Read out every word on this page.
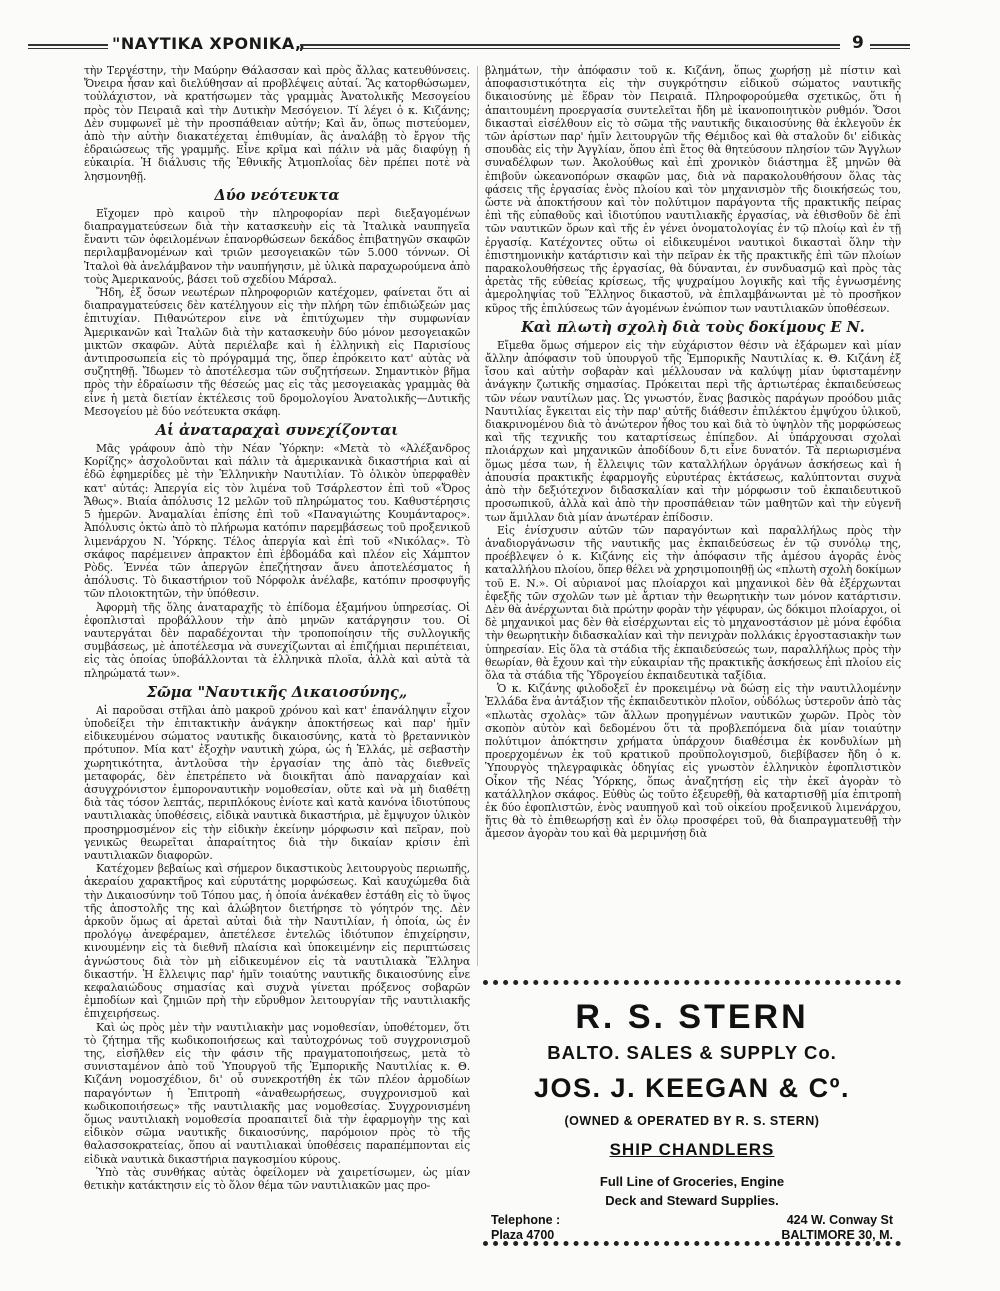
"ΝΑΥΤΙΚΑ ΧΡΟΝΙΚΑ„	9

τὴν Τεργέστην, τὴν Μαύρην Θάλασσαν καὶ πρὸς ἄλλας κατευθύνσεις. Ὄνειρα ἦσαν καὶ διελύθησαν αἱ προβλέψεις αὐταί. Ἂς κατορθώσωμεν, τοὐλάχιστον, νὰ κρατήσωμεν τὰς γραμμὰς Ἀνατολικῆς Μεσογείου πρὸς τὸν Πειραιᾶ καὶ τὴν Δυτικὴν Μεσόγειον. Τί λέγει ὁ κ. Κιζάνης; Δὲν συμφωνεῖ μὲ τὴν προσπάθειαν αὐτήν; Καὶ ἄν, ὅπως πιστεύομεν, ἀπὸ τὴν αὐτὴν διακατέχεται ἐπιθυμίαν, ἂς ἀναλάβῃ τὸ ἔργον τῆς ἐδραιώσεως τῆς γραμμῆς. Εἶνε κρῖμα καὶ πάλιν νὰ μᾶς διαφύγῃ ἡ εὐκαιρία. Ἡ διάλυσις τῆς Ἐθνικῆς Ἀτμοπλοΐας δὲν πρέπει ποτὲ νὰ λησμονηθῇ.

Δύο νεότευκτα

Εἴχομεν πρὸ καιροῦ τὴν πληροφορίαν περὶ διεξαγομένων διαπραγματεύσεων διὰ τὴν κατασκευὴν εἰς τὰ Ἰταλικὰ ναυπηγεῖα ἔναντι τῶν ὀφειλομένων ἐπανορθώσεων δεκάδος ἐπιβατηγῶν σκαφῶν περιλαμβανομένων καὶ τριῶν μεσογειακῶν τῶν 5.000 τόννων. Οἱ Ἰταλοὶ θὰ ἀνελάμβανον τὴν ναυπήγησιν, μὲ ὑλικὰ παραχωρούμενα ἀπὸ τοὺς Ἀμερικανούς, βάσει τοῦ σχεδίου Μάρσαλ.

Ἤδη, ἐξ ὅσων νεωτέρων πληροφοριῶν κατέχομεν, φαίνεται ὅτι αἱ διαπραγματεύσεις δὲν κατέληγουν εἰς τὴν πλήρη τῶν ἐπιδιώξεών μας ἐπιτυχίαν. Πιθανώτερον εἶνε νὰ ἐπιτύχωμεν τὴν συμφωνίαν Ἀμερικανῶν καὶ Ἰταλῶν διὰ τὴν κατασκευὴν δύο μόνον μεσογειακῶν μικτῶν σκαφῶν. Αὐτὰ περιέλαβε καὶ ἡ ἑλληνικὴ εἰς Παρισίους ἀντιπροσωπεία εἰς τὸ πρόγραμμά της, ὅπερ ἐπρόκειτο κατ' αὐτὰς νὰ συζητηθῇ. Ἴδωμεν τὸ ἀποτέλεσμα τῶν συζητήσεων. Σημαντικὸν βῆμα πρὸς τὴν ἐδραίωσιν τῆς θέσεώς μας εἰς τὰς μεσογειακὰς γραμμὰς θὰ εἶνε ἡ μετὰ διετίαν ἐκτέλεσις τοῦ δρομολογίου Ἀνατολικῆς—Δυτικῆς Μεσογείου μὲ δύο νεότευκτα σκάφη.

Αἱ ἀναταραχαὶ συνεχίζονται

Μᾶς γράφουν ἀπὸ τὴν Νέαν Ὑόρκην: «Μετὰ τὸ «Ἀλέξανδρος Κορίζης» ἀσχολοῦνται καὶ πάλιν τὰ ἀμερικανικὰ δικαστήρια καὶ αἱ ἐδῶ ἐφημερίδες μὲ τὴν Ἑλληνικὴν Ναυτιλίαν. Τὸ ὁλικὸν ὑπερφαθὲν κατ' αὐτάς: Ἀπεργία εἰς τὸν λιμένα τοῦ Τσάρλεστον ἐπὶ τοῦ «Ὄρος Ἄθως». Βιαία ἀπόλυσις 12 μελῶν τοῦ πληρώματος του. Καθυστέρησις 5 ἡμερῶν. Ἀναμαλίαι ἐπίσης ἐπὶ τοῦ «Παναγιώτης Κουμάνταρος». Ἀπόλυσις ὀκτὼ ἀπὸ τὸ πλήρωμα κατόπιν παρεμβάσεως τοῦ προξενικοῦ λιμενάρχου Ν. Ὑόρκης. Τέλος ἀπεργία καὶ ἐπὶ τοῦ «Νικόλας». Τὸ σκάφος παρέμεινεν ἀπρακτον ἐπὶ ἑβδομάδα καὶ πλέον εἰς Χάμπτον Ρὸδς. Ἐννέα τῶν ἀπεργῶν ἐπεζήτησαν ἄνευ ἀποτελέσματος ἡ ἀπόλυσις. Τὸ δικαστήριον τοῦ Νόρφολκ ἀνέλαβε, κατόπιν προσφυγῆς τῶν πλοιοκτητῶν, τὴν ὑπόθεσιν.

Ἀφορμὴ τῆς ὅλης ἀναταραχῆς τὸ ἐπίδομα ἑξαμήνου ὑπηρεσίας. Οἱ ἐφοπλισταὶ προβάλλουν τὴν ἀπὸ μηνῶν κατάργησιν του. Οἱ ναυτεργάται δὲν παραδέχονται τὴν τροποποίησιν τῆς συλλογικῆς συμβάσεως, μὲ ἀποτέλεσμα νὰ συνεχίζωνται αἱ ἐπιζήμιαι περιπέτειαι, εἰς τὰς ὁποίας ὑποβάλλονται τὰ ἑλληνικὰ πλοῖα, ἀλλὰ καὶ αὐτὰ τὰ πληρώματά των».

Σῶμα "Ναυτικῆς Δικαιοσύνης„

Αἱ παροῦσαι στῆλαι ἀπὸ μακροῦ χρόνου καὶ κατ' ἐπανάληψιν εἶχον ὑποδείξει τὴν ἐπιτακτικὴν ἀνάγκην ἀποκτήσεως καὶ παρ' ἡμῖν εἰδικευμένου σώματος ναυτικῆς δικαιοσύνης, κατὰ τὸ βρεταννικὸν πρότυπον. Μία κατ' ἐξοχὴν ναυτικὴ χώρα, ὡς ἡ Ἑλλάς, μὲ σεβαστὴν χωρητικότητα, ἀντλοῦσα τὴν ἐργασίαν της ἀπὸ τὰς διεθνεῖς μεταφοράς, δὲν ἐπετρέπετο νὰ διοικῆται ἀπὸ παναρχαίαν καὶ ἀσυγχρόνιστον ἐμποροναυτικὴν νομοθεσίαν, οὔτε καὶ νὰ μὴ διαθέτῃ διὰ τὰς τόσον λεπτάς, περιπλόκους ἐνίοτε καὶ κατὰ κανόνα ἰδιοτύπους ναυτιλιακὰς ὑποθέσεις, εἰδικὰ ναυτικὰ δικαστήρια, μὲ ἔμψυχον ὑλικὸν προσηρμοσμένον εἰς τὴν εἰδικὴν ἐκείνην μόρφωσιν καὶ πεῖραν, ποὺ γενικῶς θεωρεῖται ἀπαραίτητος διὰ τὴν δικαίαν κρίσιν ἐπὶ ναυτιλιακῶν διαφορῶν.

Κατέχομεν βεβαίως καὶ σήμερον δικαστικοὺς λειτουργοὺς περιωπῆς, ἀκεραίου χαρακτῆρος καὶ εὐρυτάτης μορφώσεως. Καὶ καυχώμεθα διὰ τὴν Δικαιοσύνην τοῦ Τόπου μας, ἡ ὁποία ἀνέκαθεν ἐστάθη εἰς τὸ ὕψος τῆς ἀποστολῆς της καὶ ἀλώβητον διετήρησε τὸ γόητρόν της. Δὲν ἀρκοῦν ὅμως αἱ ἀρεταὶ αὐταὶ διὰ τὴν Ναυτιλίαν, ἡ ὁποία, ὡς ἐν προλόγῳ ἀνεφέραμεν, ἀπετέλεσε ἐντελῶς ἰδιότυπον ἐπιχείρησιν, κινουμένην εἰς τὰ διεθνῆ πλαίσια καὶ ὑποκειμένην εἰς περιπτώσεις ἀγνώστους διὰ τὸν μὴ εἰδικευμένον εἰς τὰ ναυτιλιακὰ Ἕλληνα δικαστήν. Ἡ ἔλλειψις παρ' ἡμῖν τοιαύτης ναυτικῆς δικαιοσύνης εἶνε κεφαλαιώδους σημασίας καὶ συχνὰ γίνεται πρόξενος σοβαρῶν ἐμποδίων καὶ ζημιῶν πρὴ τὴν εὔρυθμον λειτουργίαν τῆς ναυτιλιακῆς ἐπιχειρήσεως.

Καὶ ὡς πρὸς μὲν τὴν ναυτιλιακὴν μας νομοθεσίαν, ὑποθέτομεν, ὅτι τὸ ζήτημα τῆς κωδικοποιήσεως καὶ ταὐτοχρόνως τοῦ συγχρονισμοῦ της, εἰσῆλθεν εἰς τὴν φάσιν τῆς πραγματοποιήσεως, μετὰ τὸ συνισταμένον ἀπὸ τοῦ Ὑπουργοῦ τῆς Ἐμπορικῆς Ναυτιλίας κ. Θ. Κιζάνη νομοσχέδιον, δι' οὗ συνεκροτήθη ἐκ τῶν πλέον ἁρμοδίων παραγόντων ἡ Ἐπιτροπὴ «ἀναθεωρήσεως, συγχρονισμοῦ καὶ κωδικοποιήσεως» τῆς ναυτιλιακῆς μας νομοθεσίας. Συγχρονισμένη ὅμως ναυτιλιακὴ νομοθεσία προαπαιτεῖ διὰ τὴν ἐφαρμογὴν της καὶ εἰδικὸν σῶμα ναυτικῆς δικαιοσύνης, παρόμοιον πρὸς τὸ τῆς θαλασσοκρατείας, ὅπου αἱ ναυτιλιακαὶ ὑποθέσεις παραπέμπονται εἰς εἰδικὰ ναυτικὰ δικαστήρια παγκοσμίου κύρους.

Ὑπὸ τὰς συνθήκας αὐτὰς ὀφείλομεν νὰ χαιρετίσωμεν, ὡς μίαν θετικὴν κατάκτησιν εἰς τὸ ὅλον θέμα τῶν ναυτιλιακῶν μας προ-

βλημάτων, τὴν ἀπόφασιν τοῦ κ. Κιζάνη, ὅπως χωρήσῃ μὲ πίστιν καὶ ἀποφασιστικότητα εἰς τὴν συγκρότησιν εἰδικοῦ σώματος ναυτικῆς δικαιοσύνης μὲ ἕδραν τὸν Πειραιᾶ. Πληροφορούμεθα σχετικῶς, ὅτι ἡ ἀπαιτουμένη προεργασία συντελεῖται ἤδη μὲ ἱκανοποιητικὸν ρυθμόν. Ὅσοι δικασταὶ εἰσέλθουν εἰς τὸ σῶμα τῆς ναυτικῆς δικαιοσύνης θὰ ἐκλεγοῦν ἐκ τῶν ἀρίστων παρ' ἡμῖν λειτουργῶν τῆς Θέμιδος καὶ θὰ σταλοῦν δι' εἰδικὰς σπουδὰς εἰς τὴν Ἀγγλίαν, ὅπου ἐπὶ ἔτος θὰ θητεύσουν πλησίον τῶν Ἄγγλων συναδέλφων των. Ἀκολούθως καὶ ἐπὶ χρονικὸν διάστημα ἓξ μηνῶν θὰ ἐπιβοῦν ὠκεανοπόρων σκαφῶν μας, διὰ νὰ παρακολουθήσουν ὅλας τὰς φάσεις τῆς ἐργασίας ἑνὸς πλοίου καὶ τὸν μηχανισμὸν τῆς διοικήσεώς του, ὥστε νὰ ἀποκτήσουν καὶ τὸν πολύτιμον παράγοντα τῆς πρακτικῆς πείρας ἐπὶ τῆς εὐπαθοῦς καὶ ἰδιοτύπου ναυτιλιακῆς ἐργασίας, νὰ ἐθισθοῦν δὲ ἐπὶ τῶν ναυτικῶν ὅρων καὶ τῆς ἐν γένει ὀνοματολογίας ἐν τῷ πλοίῳ καὶ ἐν τῇ ἐργασίᾳ. Κατέχοντες οὕτω οἱ εἰδικευμένοι ναυτικοὶ δικασταὶ ὅλην τὴν ἐπιστημονικὴν κατάρτισιν καὶ τὴν πεῖραν ἐκ τῆς πρακτικῆς ἐπὶ τῶν πλοίων παρακολουθήσεως τῆς ἐργασίας, θὰ δύνανται, ἐν συνδυασμῷ καὶ πρὸς τὰς ἀρετὰς τῆς εὐθείας κρίσεως, τῆς ψυχραίμου λογικῆς καὶ τῆς ἐγνωσμένης ἀμεροληψίας τοῦ Ἕλληνος δικαστοῦ, νὰ ἐπιλαμβάνωνται μὲ τὸ προσῆκον κῦρος τῆς ἐπιλύσεως τῶν ἀγομένων ἐνώπιον των ναυτιλιακῶν ὑποθέσεων.

Καὶ πλωτὴ σχολὴ διὰ τοὺς δοκίμους Ε Ν.

Εἴμεθα ὅμως σήμερον εἰς τὴν εὐχάριστον θέσιν νὰ ἐξάρωμεν καὶ μίαν ἄλλην ἀπόφασιν τοῦ ὑπουργοῦ τῆς Ἐμπορικῆς Ναυτιλίας κ. Θ. Κιζάνη ἐξ ἴσου καὶ αὐτὴν σοβαρὰν καὶ μέλλουσαν νὰ καλύψῃ μίαν ὑφισταμένην ἀνάγκην ζωτικῆς σημασίας. Πρόκειται περὶ τῆς ἀρτιωτέρας ἐκπαιδεύσεως τῶν νέων ναυτίλων μας. Ὡς γνωστόν, ἕνας βασικὸς παράγων προόδου μιᾶς Ναυτιλίας ἔγκειται εἰς τὴν παρ' αὐτῆς διάθεσιν ἐπιλέκτου ἐμψύχου ὑλικοῦ, διακρινομένου διὰ τὸ ἀνώτερον ἦθος του καὶ διὰ τὸ ὑψηλὸν τῆς μορφώσεως καὶ τῆς τεχνικῆς του καταρτίσεως ἐπίπεδον. Αἱ ὑπάρχουσαι σχολαὶ πλοιάρχων καὶ μηχανικῶν ἀποδίδουν δ,τι εἶνε δυνατόν. Τὰ περιωρισμένα ὅμως μέσα των, ἡ ἔλλειψις τῶν καταλλήλων ὀργάνων ἀσκήσεως καὶ ἡ ἀπουσία πρακτικῆς ἐφαρμογῆς εὐρυτέρας ἐκτάσεως, καλύπτονται συχνὰ ἀπὸ τὴν δεξιότεχνον διδασκαλίαν καὶ τὴν μόρφωσιν τοῦ ἐκπαιδευτικοῦ προσωπικοῦ, ἀλλὰ καὶ ἀπὸ τὴν προσπάθειαν τῶν μαθητῶν καὶ τὴν εὐγενῆ των ἅμιλλαν διὰ μίαν ἀνωτέραν ἐπίδοσιν.

Εἰς ἐνίσχυσιν αὐτῶν τῶν παραγόντων καὶ παραλλήλως πρὸς τὴν ἀναδιοργάνωσιν τῆς ναυτικῆς μας ἐκπαιδεύσεως ἐν τῷ συνόλῳ της, προέβλεψεν ὁ κ. Κιζάνης εἰς τὴν ἀπόφασιν τῆς ἀμέσου ἀγορᾶς ἑνὸς καταλλήλου πλοίου, ὅπερ θέλει νὰ χρησιμοποιηθῇ ὡς «πλωτὴ σχολὴ δοκίμων τοῦ Ε. Ν.». Οἱ αὐριανοί μας πλοίαρχοι καὶ μηχανικοὶ δὲν θὰ ἐξέρχωνται ἐφεξῆς τῶν σχολῶν των μὲ ἄρτιαν τὴν θεωρητικὴν των μόνον κατάρτισιν. Δὲν θὰ ἀνέρχωνται διὰ πρώτην φορὰν τὴν γέφυραν, ὡς δόκιμοι πλοίαρχοι, οἱ δὲ μηχανικοὶ μας δὲν θὰ εἰσέρχωνται εἰς τὸ μηχανοστάσιον μὲ μόνα ἐφόδια τὴν θεωρητικὴν διδασκαλίαν καὶ τὴν πενιχρὰν πολλάκις ἐργοστασιακὴν των ὑπηρεσίαν. Εἰς ὅλα τὰ στάδια τῆς ἐκπαιδεύσεώς των, παραλλήλως πρὸς τὴν θεωρίαν, θὰ ἔχουν καὶ τὴν εὐκαιρίαν τῆς πρακτικῆς ἀσκήσεως ἐπὶ πλοίου εἰς ὅλα τὰ στάδια τῆς Ὑδρογείου ἐκπαιδευτικὰ ταξίδια.

Ὁ κ. Κιζάνης φιλοδοξεῖ ἐν προκειμένῳ νὰ δώσῃ εἰς τὴν ναυτιλλομένην Ἑλλάδα ἕνα ἀντάξιον τῆς ἐκπαιδευτικὸν πλοῖον, οὐδόλως ὑστεροῦν ἀπὸ τὰς «πλωτὰς σχολὰς» τῶν ἄλλων προηγμένων ναυτικῶν χωρῶν. Πρὸς τὸν σκοπὸν αὐτὸν καὶ δεδομένου ὅτι τὰ προβλεπόμενα διὰ μίαν τοιαύτην πολύτιμον ἀπόκτησιν χρήματα ὑπάρχουν διαθέσιμα ἐκ κονδυλίων μὴ προερχομένων ἐκ τοῦ κρατικοῦ προϋπολογισμοῦ, διεβίβασεν ἤδη ὁ κ. Ὑπουργὸς τηλεγραφικὰς ὁδηγίας εἰς γνωστὸν ἑλληνικὸν ἐφοπλιστικὸν Οἶκον τῆς Νέας Ὑόρκης, ὅπως ἀναζητήσῃ εἰς τὴν ἐκεῖ ἀγορὰν τὸ κατάλληλον σκάφος. Εὐθὺς ὡς τοῦτο ἐξευρεθῇ, θὰ καταρτισθῇ μία ἐπιτροπὴ ἐκ δύο ἐφοπλιστῶν, ἑνὸς ναυπηγοῦ καὶ τοῦ οἰκείου προξενικοῦ λιμενάρχου, ἥτις θὰ τὸ ἐπιθεωρήσῃ καὶ ἐν ὅλῳ προσφέρει τοῦ, θὰ διαπραγματευθῇ τὴν ἄμεσον ἀγορὰν του καὶ θὰ μεριμνήσῃ διὰ

R. S. STERN
BALTO. SALES & SUPPLY Co.
JOS. J. KEEGAN & Cº.
(OWNED & OPERATED BY R. S. STERN)
SHIP CHANDLERS
Full Line of Groceries, Engine
Deck and Steward Supplies.
Telephone :
Plaza 4700
424 W. Conway St
BALTIMORE 30, M.
